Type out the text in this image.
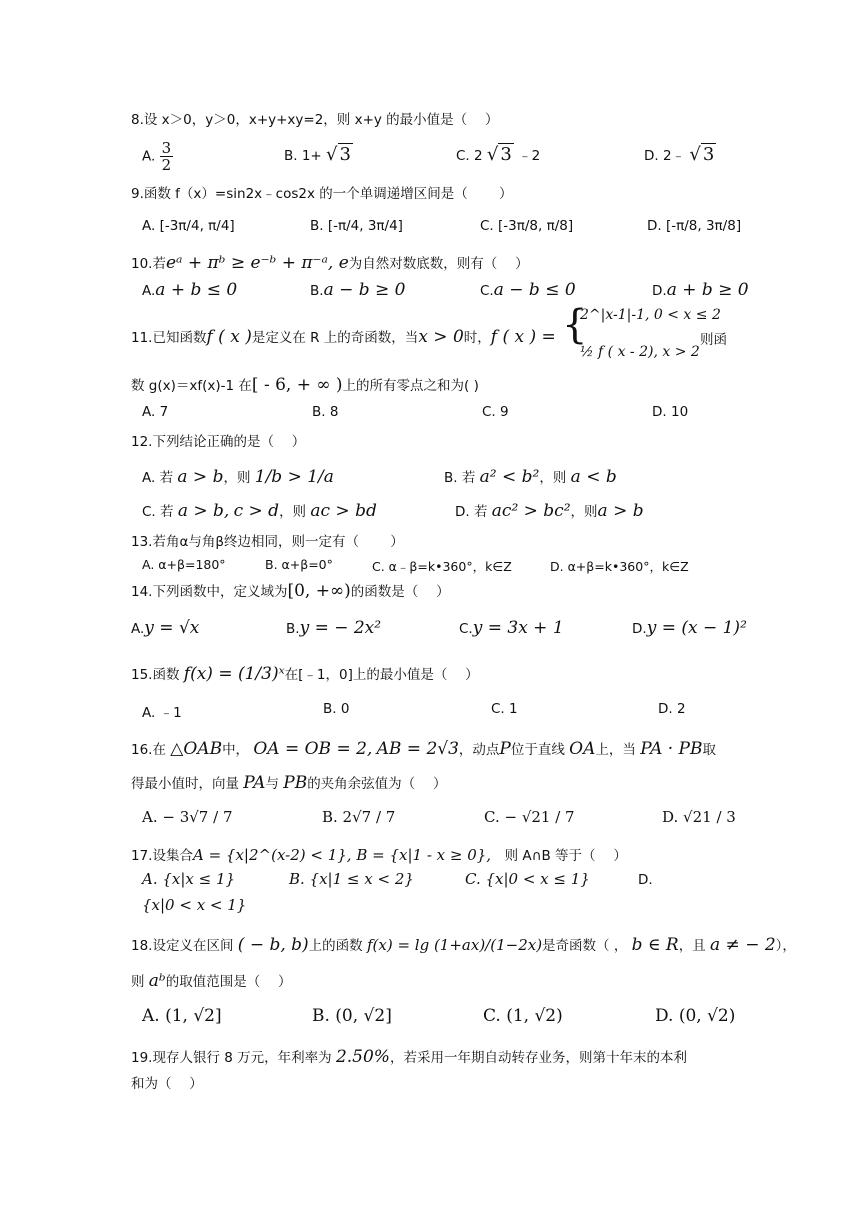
8.设 x＞0，y＞0，x+y+xy=2，则 x+y 的最小值是（　 ）
A. $\frac{3}{2}$	B. 1+ √ 3	C. 2 √ 3 ﹣2	D. 2﹣ √ 3
9.函数 f（x）=sin2x﹣cos2x 的一个单调递增区间是（　　 ）
A. [-3π/4, π/4]	B. [-π/4, 3π/4]	C. [-3π/8, π/8]	D. [-π/8, 3π/8]
10.若eᵃ + πᵇ ≥ e⁻ᵇ + π⁻ᵃ, e为自然对数底数，则有（　 ）
A.a + b ≤ 0	B.a − b ≥ 0	C.a − b ≤ 0	D.a + b ≥ 0
11.已知函数f ( x )是定义在 R 上的奇函数，当x > 0时，f ( x ) = {
2^|x-1|-1, 0 < x ≤ 2
½ f ( x - 2), x > 2
则函
数 g(x)＝xf(x)-1 在[ - 6, + ∞ )上的所有零点之和为( )
A. 7	B. 8	C. 9	D. 10
12.下列结论正确的是（　 ）
A. 若 a > b，则 1/b > 1/a	B. 若 a² < b²，则 a < b
C. 若 a > b, c > d，则 ac > bd	D. 若 ac² > bc²，则a > b
13.若角α与角β终边相同，则一定有（　　 ）
A. α+β=180°	B. α+β=0°	C. α﹣β=k•360°，k∈Z	D. α+β=k•360°，k∈Z
14.下列函数中，定义域为[0, +∞)的函数是（　 ）
A.y = √x	B.y = − 2x²	C.y = 3x + 1	D.y = (x − 1)²
15.函数 f(x) = (1/3)ˣ在[﹣1，0]上的最小值是（　 ）
A. ﹣1	B. 0	C. 1	D. 2
16.在 △OAB中， OA = OB = 2, AB = 2√3，动点P位于直线 OA上，当 PA · PB取
得最小值时，向量 PA与 PB的夹角余弦值为（　 ）
A. − 3√7 / 7	B. 2√7 / 7	C. − √21 / 7	D. √21 / 3
17.设集合A = {x|2^(x-2) < 1}, B = {x|1 - x ≥ 0},　则 A∩B 等于（　 ）
A. {x|x ≤ 1}	B. {x|1 ≤ x < 2}	C. {x|0 < x ≤ 1}	D.
{x|0 < x < 1}
18.设定义在区间 ( − b, b)上的函数 f(x) = lg (1+ax)/(1−2x)是奇函数（ ， b ∈ R，且 a ≠ − 2），
则 aᵇ的取值范围是（　 ）
A. (1, √2]	B. (0, √2]	C. (1, √2)	D. (0, √2)
19.现存人银行 8 万元，年利率为 2.50%，若采用一年期自动转存业务，则第十年末的本利
和为（　 ）
